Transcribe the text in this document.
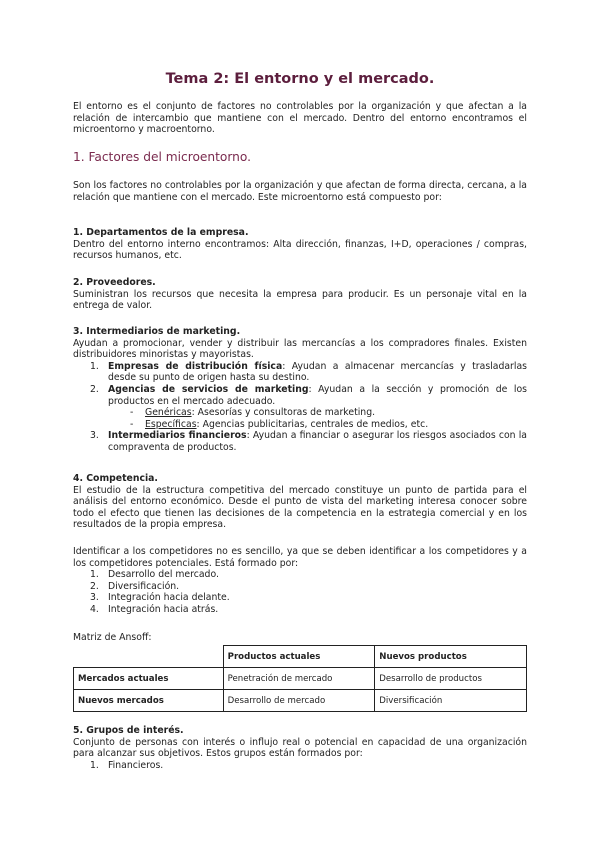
Tema 2: El entorno y el mercado.

El entorno es el conjunto de factores no controlables por la organización y que afectan a la relación de intercambio que mantiene con el mercado. Dentro del entorno encontramos el microentorno y macroentorno.

1. Factores del microentorno.

Son los factores no controlables por la organización y que afectan de forma directa, cercana, a la relación que mantiene con el mercado. Este microentorno está compuesto por:

1. Departamentos de la empresa.

Dentro del entorno interno encontramos: Alta dirección, finanzas, I+D, operaciones / compras, recursos humanos, etc.

2. Proveedores.

Suministran los recursos que necesita la empresa para producir. Es un personaje vital en la entrega de valor.

3. Intermediarios de marketing.

Ayudan a promocionar, vender y distribuir las mercancías a los compradores finales. Existen distribuidores minoristas y mayoristas.

1. Empresas de distribución física: Ayudan a almacenar mercancías y trasladarlas desde su punto de origen hasta su destino.
2. Agencias de servicios de marketing: Ayudan a la sección y promoción de los productos en el mercado adecuado.
- Genéricas: Asesorías y consultoras de marketing.
- Específicas: Agencias publicitarias, centrales de medios, etc.
3. Intermediarios financieros: Ayudan a financiar o asegurar los riesgos asociados con la compraventa de productos.

4. Competencia.

El estudio de la estructura competitiva del mercado constituye un punto de partida para el análisis del entorno económico. Desde el punto de vista del marketing interesa conocer sobre todo el efecto que tienen las decisiones de la competencia en la estrategia comercial y en los resultados de la propia empresa.

Identificar a los competidores no es sencillo, ya que se deben identificar a los competidores y a los competidores potenciales. Está formado por:

1. Desarrollo del mercado.
2. Diversificación.
3. Integración hacia delante.
4. Integración hacia atrás.

Matriz de Ansoff:

	Productos actuales	Nuevos productos
Mercados actuales	Penetración de mercado	Desarrollo de productos
Nuevos mercados	Desarrollo de mercado	Diversificación

5. Grupos de interés.

Conjunto de personas con interés o influjo real o potencial en capacidad de una organización para alcanzar sus objetivos. Estos grupos están formados por:

1. Financieros.
